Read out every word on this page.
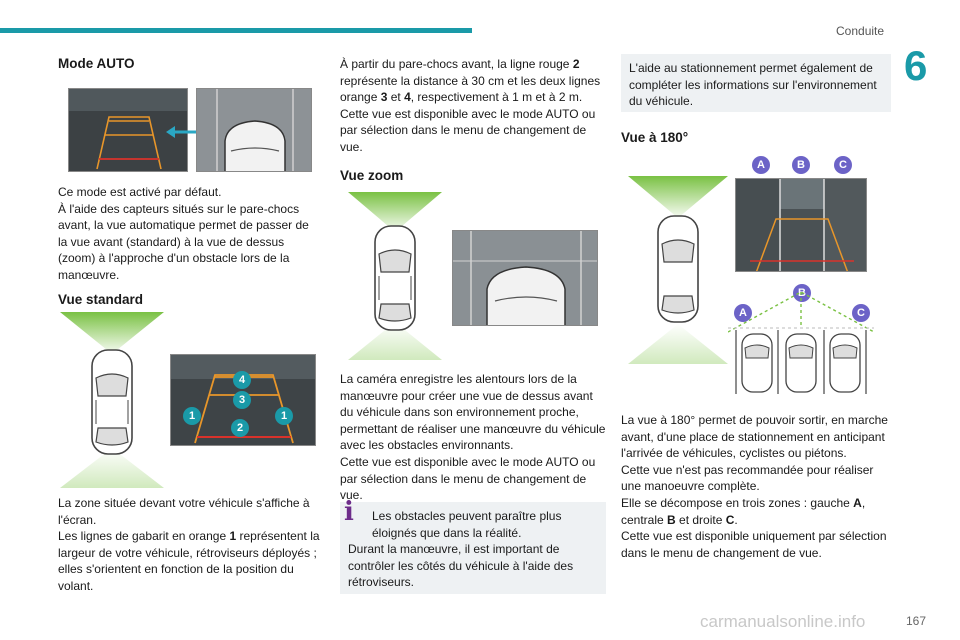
Conduite
6
Mode AUTO

Ce mode est activé par défaut.
À l'aide des capteurs situés sur le pare-chocs avant, la vue automatique permet de passer de la vue avant (standard) à la vue de dessus (zoom) à l'approche d'un obstacle lors de la manœuvre.

Vue standard
4
3
1	1
2

La zone située devant votre véhicule s'affiche à l'écran.

Les lignes de gabarit en orange 1 représentent la largeur de votre véhicule, rétroviseurs déployés ; elles s'orientent en fonction de la position du volant.

À partir du pare-chocs avant, la ligne rouge 2 représente la distance à 30 cm et les deux lignes orange 3 et 4, respectivement à 1 m et à 2 m.

Cette vue est disponible avec le mode AUTO ou par sélection dans le menu de changement de vue.

Vue zoom

La caméra enregistre les alentours lors de la manœuvre pour créer une vue de dessus avant du véhicule dans son environnement proche, permettant de réaliser une manœuvre du véhicule avec les obstacles environnants.
Cette vue est disponible avec le mode AUTO ou par sélection dans le menu de changement de vue.

i	Les obstacles peuvent paraître plus éloignés que dans la réalité.

Durant la manœuvre, il est important de contrôler les côtés du véhicule à l'aide des rétroviseurs.

L'aide au stationnement permet également de compléter les informations sur l'environnement du véhicule.

Vue à 180°
A	B	C
B
A	C

La vue à 180° permet de pouvoir sortir, en marche avant, d'une place de stationnement en anticipant l'arrivée de véhicules, cyclistes ou piétons.

Cette vue n'est pas recommandée pour réaliser une manoeuvre complète.

Elle se décompose en trois zones : gauche A, centrale B et droite C.

Cette vue est disponible uniquement par sélection dans le menu de changement de vue.

carmanualsonline.info	167
